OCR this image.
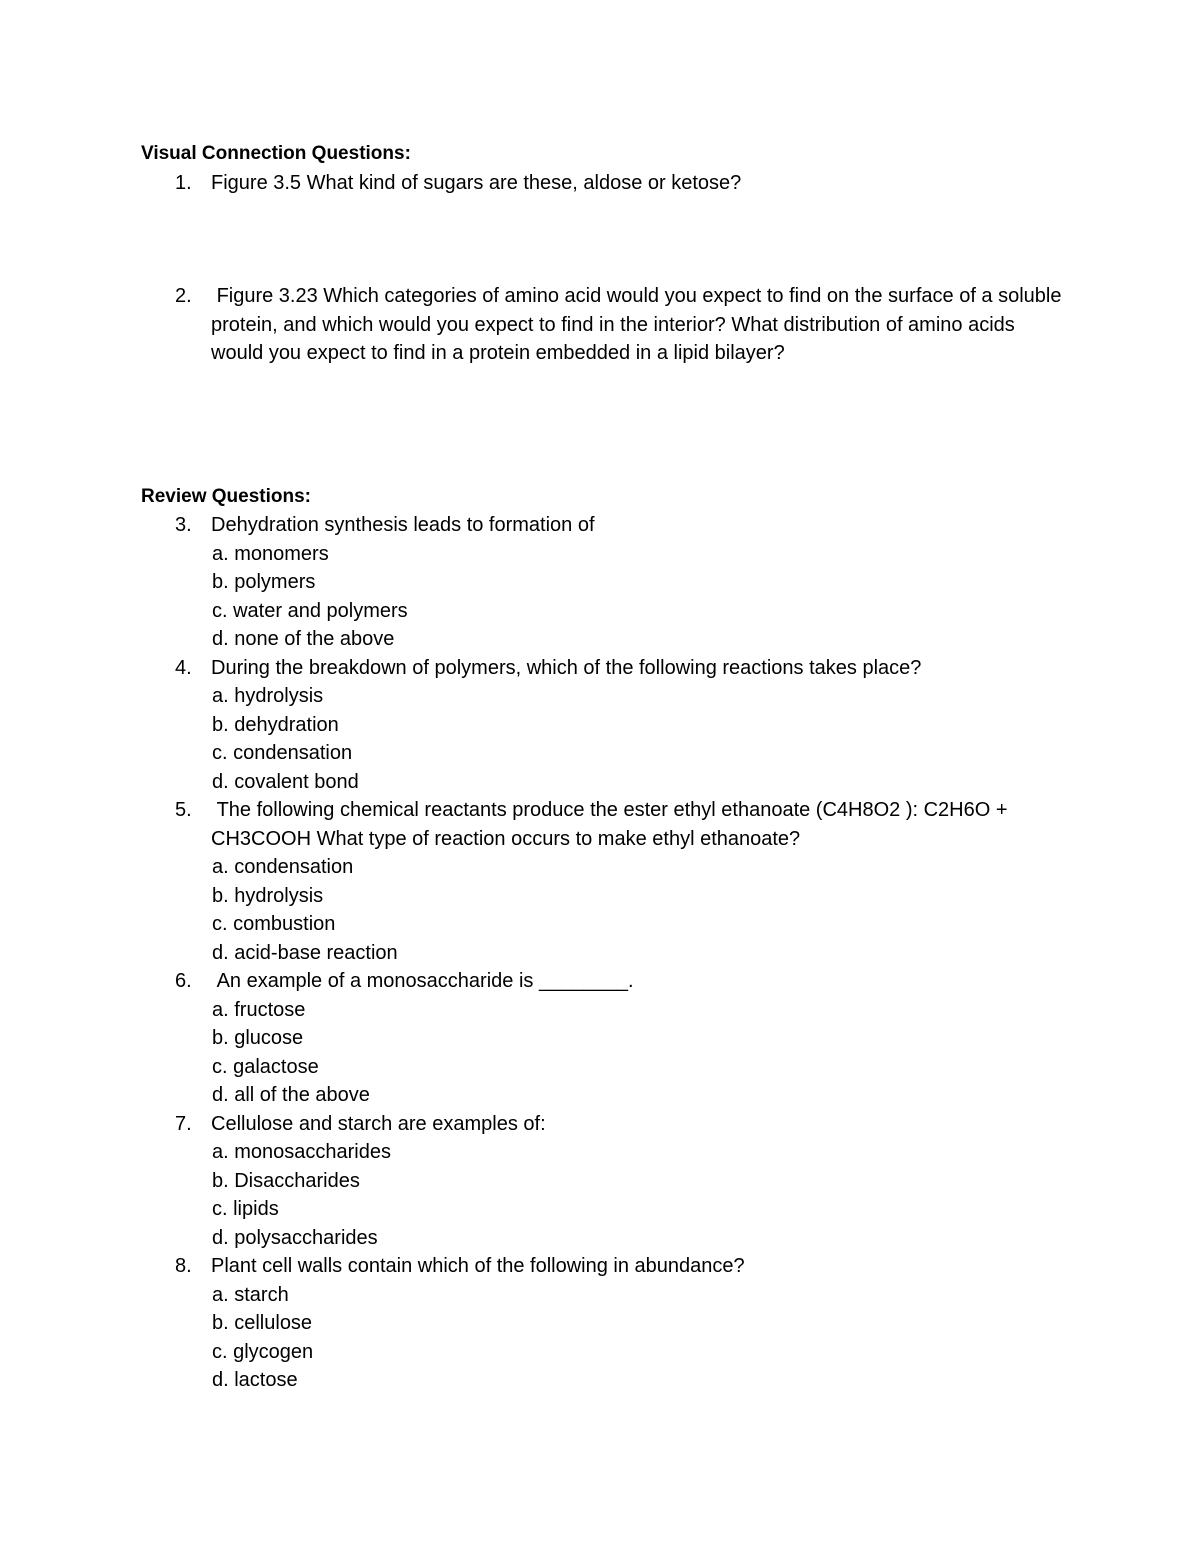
Visual Connection Questions:
1. Figure 3.5 What kind of sugars are these, aldose or ketose?
2. Figure 3.23 Which categories of amino acid would you expect to find on the surface of a soluble protein, and which would you expect to find in the interior? What distribution of amino acids would you expect to find in a protein embedded in a lipid bilayer?
Review Questions:
3. Dehydration synthesis leads to formation of
a. monomers
b. polymers
c. water and polymers
d. none of the above
4. During the breakdown of polymers, which of the following reactions takes place?
a. hydrolysis
b. dehydration
c. condensation
d. covalent bond
5. The following chemical reactants produce the ester ethyl ethanoate (C4H8O2 ): C2H6O + CH3COOH What type of reaction occurs to make ethyl ethanoate?
a. condensation
b. hydrolysis
c. combustion
d. acid-base reaction
6. An example of a monosaccharide is ________.
a. fructose
b. glucose
c. galactose
d. all of the above
7. Cellulose and starch are examples of:
a. monosaccharides
b. Disaccharides
c. lipids
d. polysaccharides
8. Plant cell walls contain which of the following in abundance?
a. starch
b. cellulose
c. glycogen
d. lactose
